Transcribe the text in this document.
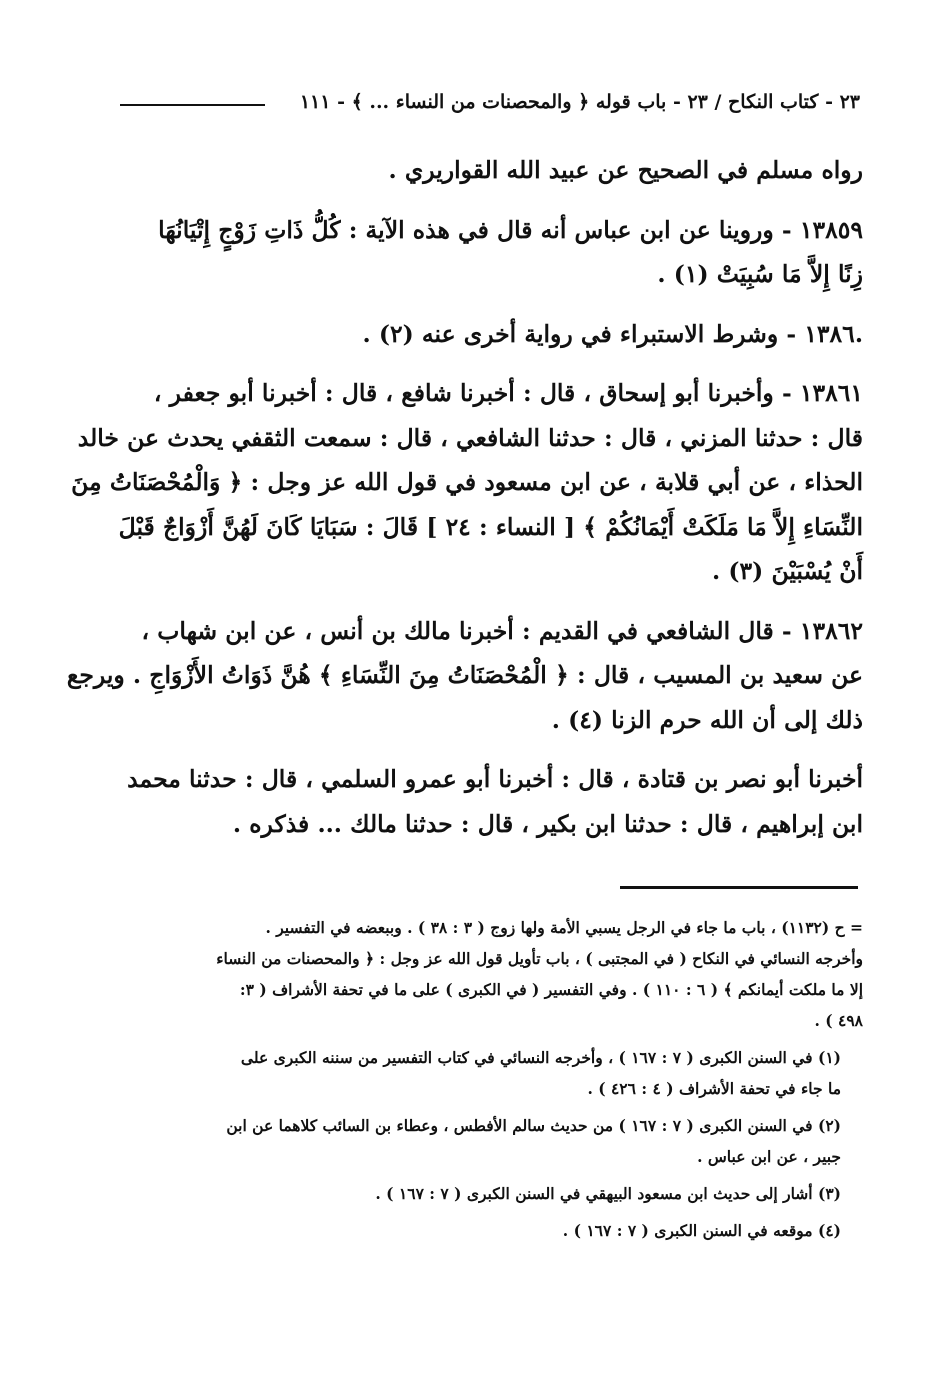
٢٣ - كتاب النكاح / ٢٣ - باب قوله ﴿ والمحصنات من النساء ... ﴾ - ١١١
رواه مسلم في الصحيح عن عبيد الله القواريري .
١٣٨٥٩ - وروينا عن ابن عباس أنه قال في هذه الآية : كُلُّ ذَاتِ زَوْجٍ إِتْيَانُهَا
زِنًا إِلاَّ مَا سُبِيَتْ (١) .
.١٣٨٦ - وشرط الاستبراء في رواية أخرى عنه (٢) .
١٣٨٦١ - وأخبرنا أبو إسحاق ، قال : أخبرنا شافع ، قال : أخبرنا أبو جعفر ،
قال : حدثنا المزني ، قال : حدثنا الشافعي ، قال : سمعت الثقفي يحدث عن خالد
الحذاء ، عن أبي قلابة ، عن ابن مسعود في قول الله عز وجل : ﴿ وَالْمُحْصَنَاتُ مِنَ
النِّسَاءِ إِلاَّ مَا مَلَكَتْ أَيْمَانُكُمْ ﴾ [ النساء : ٢٤ ] قَالَ : سَبَايَا كَانَ لَهُنَّ أَزْوَاجٌ قَبْلَ
أَنْ يُسْبَيْنَ (٣) .
١٣٨٦٢ - قال الشافعي في القديم : أخبرنا مالك بن أنس ، عن ابن شهاب ،
عن سعيد بن المسيب ، قال : ﴿ الْمُحْصَنَاتُ مِنَ النِّسَاءِ ﴾ هُنَّ ذَوَاتُ الأَزْوَاجِ . ويرجع
ذلك إلى أن الله حرم الزنا (٤) .
أخبرنا أبو نصر بن قتادة ، قال : أخبرنا أبو عمرو السلمي ، قال : حدثنا محمد
ابن إبراهيم ، قال : حدثنا ابن بكير ، قال : حدثنا مالك ... فذكره .
= ح (١١٣٢) ، باب ما جاء في الرجل يسبي الأمة ولها زوج ( ٣ : ٣٨ ) . وببعضه في التفسير .
وأخرجه النسائي في النكاح ( في المجتبى ) ، باب تأويل قول الله عز وجل : ﴿ والمحصنات من النساء
إلا ما ملكت أيمانكم ﴾ ( ٦ : ١١٠ ) . وفي التفسير ( في الكبرى ) على ما في تحفة الأشراف ( ٣:
٤٩٨ ) .
(١) في السنن الكبرى ( ٧ : ١٦٧ ) ، وأخرجه النسائي في كتاب التفسير من سننه الكبرى على
ما جاء في تحفة الأشراف ( ٤ : ٤٢٦ ) .
(٢) في السنن الكبرى ( ٧ : ١٦٧ ) من حديث سالم الأفطس ، وعطاء بن السائب كلاهما عن ابن
جبير ، عن ابن عباس .
(٣) أشار إلى حديث ابن مسعود البيهقي في السنن الكبرى ( ٧ : ١٦٧ ) .
(٤) موقعه في السنن الكبرى ( ٧ : ١٦٧ ) .
